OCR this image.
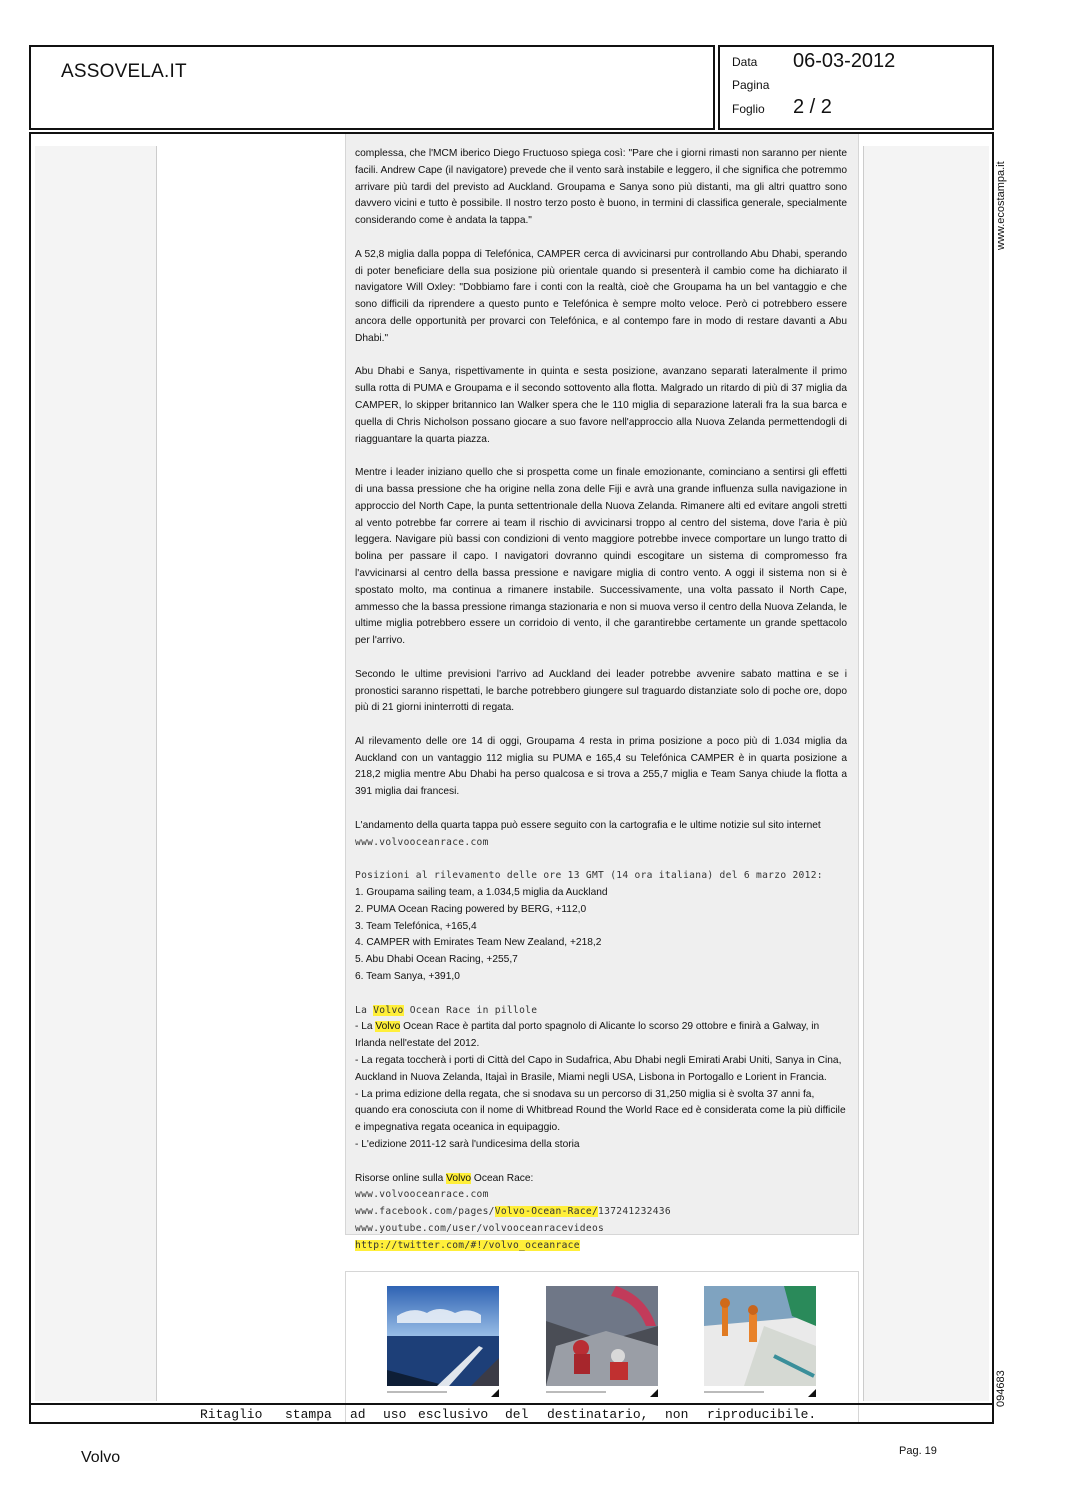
ASSOVELA.IT	Data 06-03-2012
Pagina
Foglio 2 / 2
www.ecostampa.it
094683

complessa, che l'MCM iberico Diego Fructuoso spiega così: "Pare che i giorni rimasti non saranno per niente facili. Andrew Cape (il navigatore) prevede che il vento sarà instabile e leggero, il che significa che potremmo arrivare più tardi del previsto ad Auckland. Groupama e Sanya sono più distanti, ma gli altri quattro sono davvero vicini e tutto è possibile. Il nostro terzo posto è buono, in termini di classifica generale, specialmente considerando come è andata la tappa."

A 52,8 miglia dalla poppa di Telefónica, CAMPER cerca di avvicinarsi pur controllando Abu Dhabi, sperando di poter beneficiare della sua posizione più orientale quando si presenterà il cambio come ha dichiarato il navigatore Will Oxley: "Dobbiamo fare i conti con la realtà, cioè che Groupama ha un bel vantaggio e che sono difficili da riprendere a questo punto e Telefónica è sempre molto veloce. Però ci potrebbero essere ancora delle opportunità per provarci con Telefónica, e al contempo fare in modo di restare davanti a Abu Dhabi."

Abu Dhabi e Sanya, rispettivamente in quinta e sesta posizione, avanzano separati lateralmente il primo sulla rotta di PUMA e Groupama e il secondo sottovento alla flotta. Malgrado un ritardo di più di 37 miglia da CAMPER, lo skipper britannico Ian Walker spera che le 110 miglia di separazione laterali fra la sua barca e quella di Chris Nicholson possano giocare a suo favore nell'approccio alla Nuova Zelanda permettendogli di riagguantare la quarta piazza.

Mentre i leader iniziano quello che si prospetta come un finale emozionante, cominciano a sentirsi gli effetti di una bassa pressione che ha origine nella zona delle Fiji e avrà una grande influenza sulla navigazione in approccio del North Cape, la punta settentrionale della Nuova Zelanda. Rimanere alti ed evitare angoli stretti al vento potrebbe far correre ai team il rischio di avvicinarsi troppo al centro del sistema, dove l'aria è più leggera. Navigare più bassi con condizioni di vento maggiore potrebbe invece comportare un lungo tratto di bolina per passare il capo. I navigatori dovranno quindi escogitare un sistema di compromesso fra l'avvicinarsi al centro della bassa pressione e navigare miglia di contro vento. A oggi il sistema non si è spostato molto, ma continua a rimanere instabile. Successivamente, una volta passato il North Cape, ammesso che la bassa pressione rimanga stazionaria e non si muova verso il centro della Nuova Zelanda, le ultime miglia potrebbero essere un corridoio di vento, il che garantirebbe certamente un grande spettacolo per l'arrivo.

Secondo le ultime previsioni l'arrivo ad Auckland dei leader potrebbe avvenire sabato mattina e se i pronostici saranno rispettati, le barche potrebbero giungere sul traguardo distanziate solo di poche ore, dopo più di 21 giorni ininterrotti di regata.

Al rilevamento delle ore 14 di oggi, Groupama 4 resta in prima posizione a poco più di 1.034 miglia da Auckland con un vantaggio 112 miglia su PUMA e 165,4 su Telefónica CAMPER è in quarta posizione a 218,2 miglia mentre Abu Dhabi ha perso qualcosa e si trova a 255,7 miglia e Team Sanya chiude la flotta a 391 miglia dai francesi.

L'andamento della quarta tappa può essere seguito con la cartografia e le ultime notizie sul sito internet
www.volvooceanrace.com

Posizioni al rilevamento delle ore 13 GMT (14 ora italiana) del 6 marzo 2012:
1. Groupama sailing team, a 1.034,5 miglia da Auckland
2. PUMA Ocean Racing powered by BERG, +112,0
3. Team Telefónica, +165,4
4. CAMPER with Emirates Team New Zealand, +218,2
5. Abu Dhabi Ocean Racing, +255,7
6. Team Sanya, +391,0

La Volvo Ocean Race in pillole
- La Volvo Ocean Race è partita dal porto spagnolo di Alicante lo scorso 29 ottobre e finirà a Galway, in Irlanda nell'estate del 2012.
- La regata toccherà i porti di Città del Capo in Sudafrica, Abu Dhabi negli Emirati Arabi Uniti, Sanya in Cina, Auckland in Nuova Zelanda, Itajaì in Brasile, Miami negli USA, Lisbona in Portogallo e Lorient in Francia.
- La prima edizione della regata, che si snodava su un percorso di 31,250 miglia si è svolta 37 anni fa, quando era conosciuta con il nome di Whitbread Round the World Race ed è considerata come la più difficile e impegnativa regata oceanica in equipaggio.
- L'edizione 2011-12 sarà l'undicesima della storia

Risorse online sulla Volvo Ocean Race:
www.volvooceanrace.com
www.facebook.com/pages/Volvo-Ocean-Race/137241232436
www.youtube.com/user/volvooceanracevideos
http://twitter.com/#!/volvo_oceanrace

Ritaglio stampa ad uso esclusivo del destinatario, non riproducibile.
Volvo	Pag. 19
